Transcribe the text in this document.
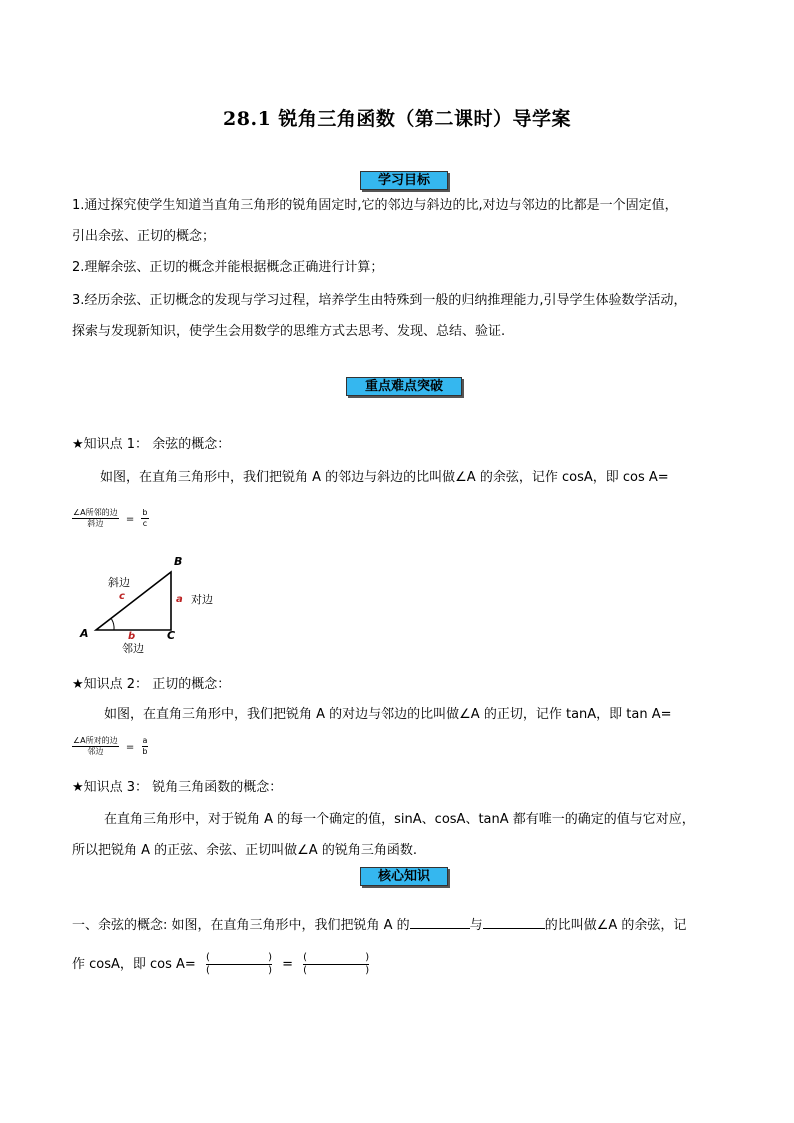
28.1 锐角三角函数（第二课时）导学案
学习目标
1.通过探究使学生知道当直角三角形的锐角固定时,它的邻边与斜边的比,对边与邻边的比都是一个固定值，
引出余弦、正切的概念；
2.理解余弦、正切的概念并能根据概念正确进行计算；
3.经历余弦、正切概念的发现与学习过程，培养学生由特殊到一般的归纳推理能力,引导学生体验数学活动，
探索与发现新知识，使学生会用数学的思维方式去思考、发现、总结、验证.
重点难点突破
★知识点 1： 余弦的概念：
如图，在直角三角形中，我们把锐角 A 的邻边与斜边的比叫做∠A 的余弦，记作 cosA，即 cos A=
$\frac{\text{∠A所邻的边}}{\text{斜边}} = \frac{b}{c}$
B
A	C
c	a
b
斜边
对边
邻边
★知识点 2： 正切的概念：
如图，在直角三角形中，我们把锐角 A 的对边与邻边的比叫做∠A 的正切，记作 tanA，即 tan A=
$\frac{\text{∠A所对的边}}{\text{邻边}} = \frac{a}{b}$
★知识点 3： 锐角三角函数的概念：
在直角三角形中，对于锐角 A 的每一个确定的值，sinA、cosA、tanA 都有唯一的确定的值与它对应，
所以把锐角 A 的正弦、余弦、正切叫做∠A 的锐角三角函数.
核心知识
一、余弦的概念: 如图，在直角三角形中，我们把锐角 A 的	与	的比叫做∠A 的余弦，记
作 cosA，即 cos A= (	)
(	) = (	)
(	)
